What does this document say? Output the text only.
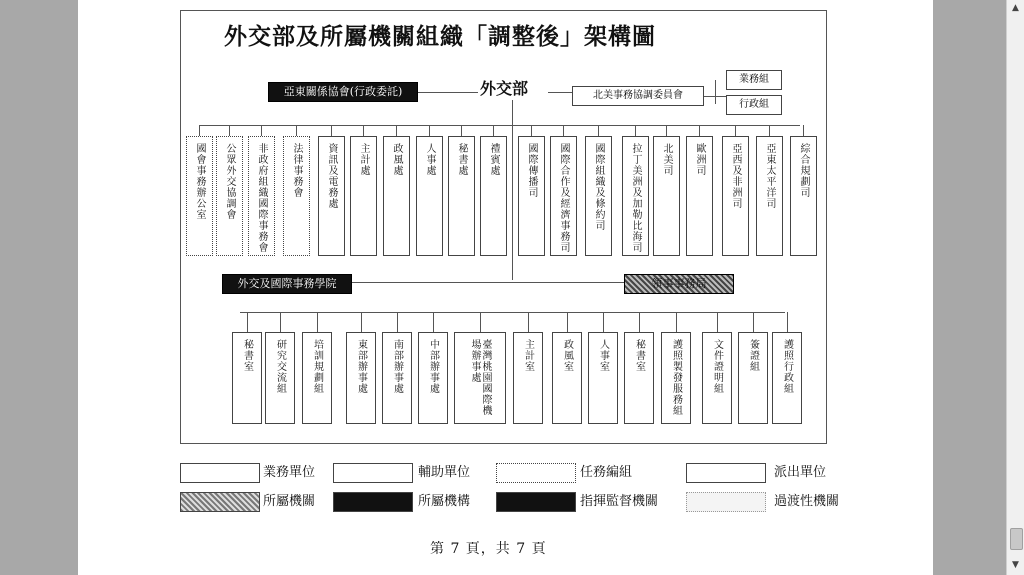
外交部及所屬機關組織「調整後」架構圖
亞東關係協會(行政委託)	外交部	北美事務協調委員會
業務組
行政組
國會事務辦公室 公眾外交協調會 非政府組織國際事務會 法律事務會 資訊及電務處 主計處 政風處 人事處 秘書處 禮賓處	國際傳播司 國際合作及經濟事務司 國際組織及條約司	拉丁美洲及加勒比海司 北美司 歐洲司	亞西及非洲司 亞東太平洋司 綜合規劃司
外交及國際事務學院	領事事務局
秘書室 研究交流組	培訓規劃組	東部辦事處	南部辦事處	中部辦事處	臺灣桃園國際機場辦事處	主計室	政風室	人事室	秘書室	護照製發服務組	文件證明組	簽證組 護照行政組
業務單位	輔助單位	任務編組	派出單位
所屬機關	所屬機構	指揮監督機關	過渡性機關
第 7 頁，共 7 頁
▲
▼
